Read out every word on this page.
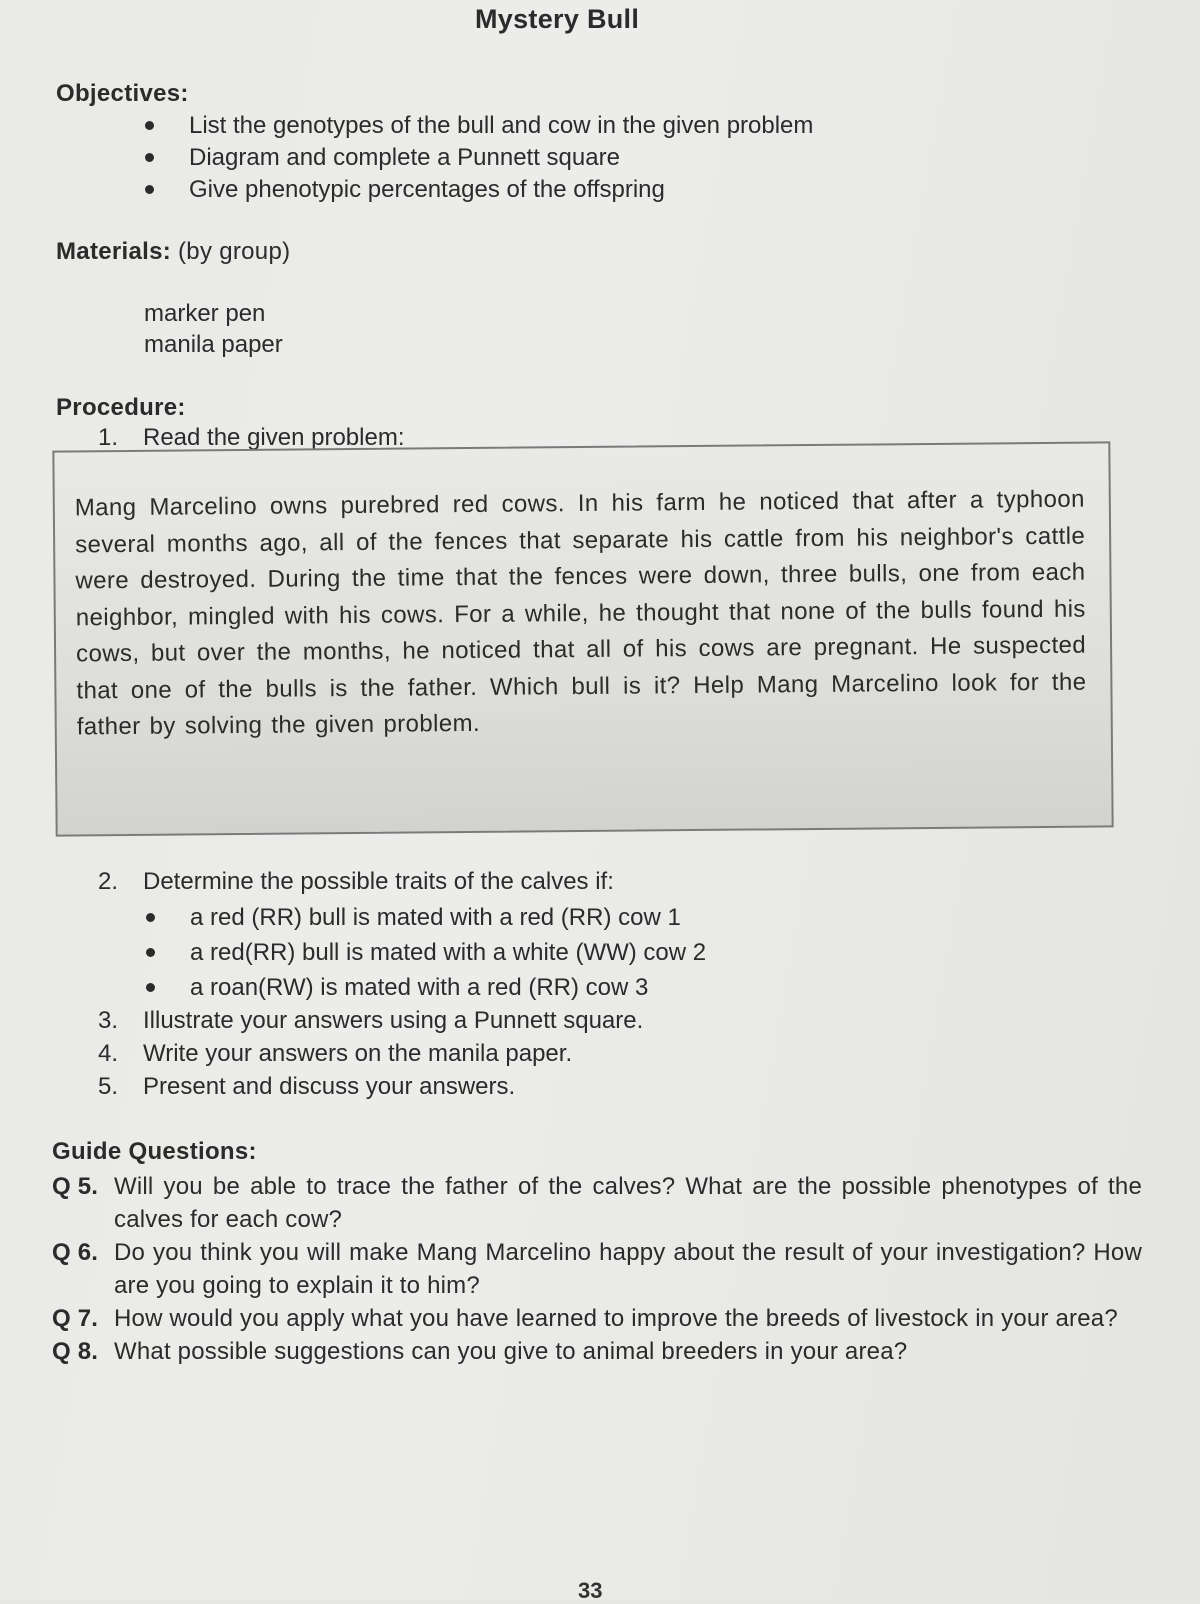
Mystery Bull
Objectives:
List the genotypes of the bull and cow in the given problem
Diagram and complete a Punnett square
Give phenotypic percentages of the offspring
Materials: (by group)
marker pen
manila paper
Procedure:
1. Read the given problem:
Mang Marcelino owns purebred red cows. In his farm he noticed that after a typhoon several months ago, all of the fences that separate his cattle from his neighbor's cattle were destroyed. During the time that the fences were down, three bulls, one from each neighbor, mingled with his cows. For a while, he thought that none of the bulls found his cows, but over the months, he noticed that all of his cows are pregnant. He suspected that one of the bulls is the father. Which bull is it? Help Mang Marcelino look for the father by solving the given problem.
2. Determine the possible traits of the calves if:
a red (RR) bull is mated with a red (RR) cow 1
a red(RR) bull is mated with a white (WW) cow 2
a roan(RW) is mated with a red (RR) cow 3
3. Illustrate your answers using a Punnett square.
4. Write your answers on the manila paper.
5. Present and discuss your answers.
Guide Questions:
Q 5. Will you be able to trace the father of the calves? What are the possible phenotypes of the calves for each cow?
Q 6. Do you think you will make Mang Marcelino happy about the result of your investigation? How are you going to explain it to him?
Q 7. How would you apply what you have learned to improve the breeds of livestock in your area?
Q 8. What possible suggestions can you give to animal breeders in your area?
33
